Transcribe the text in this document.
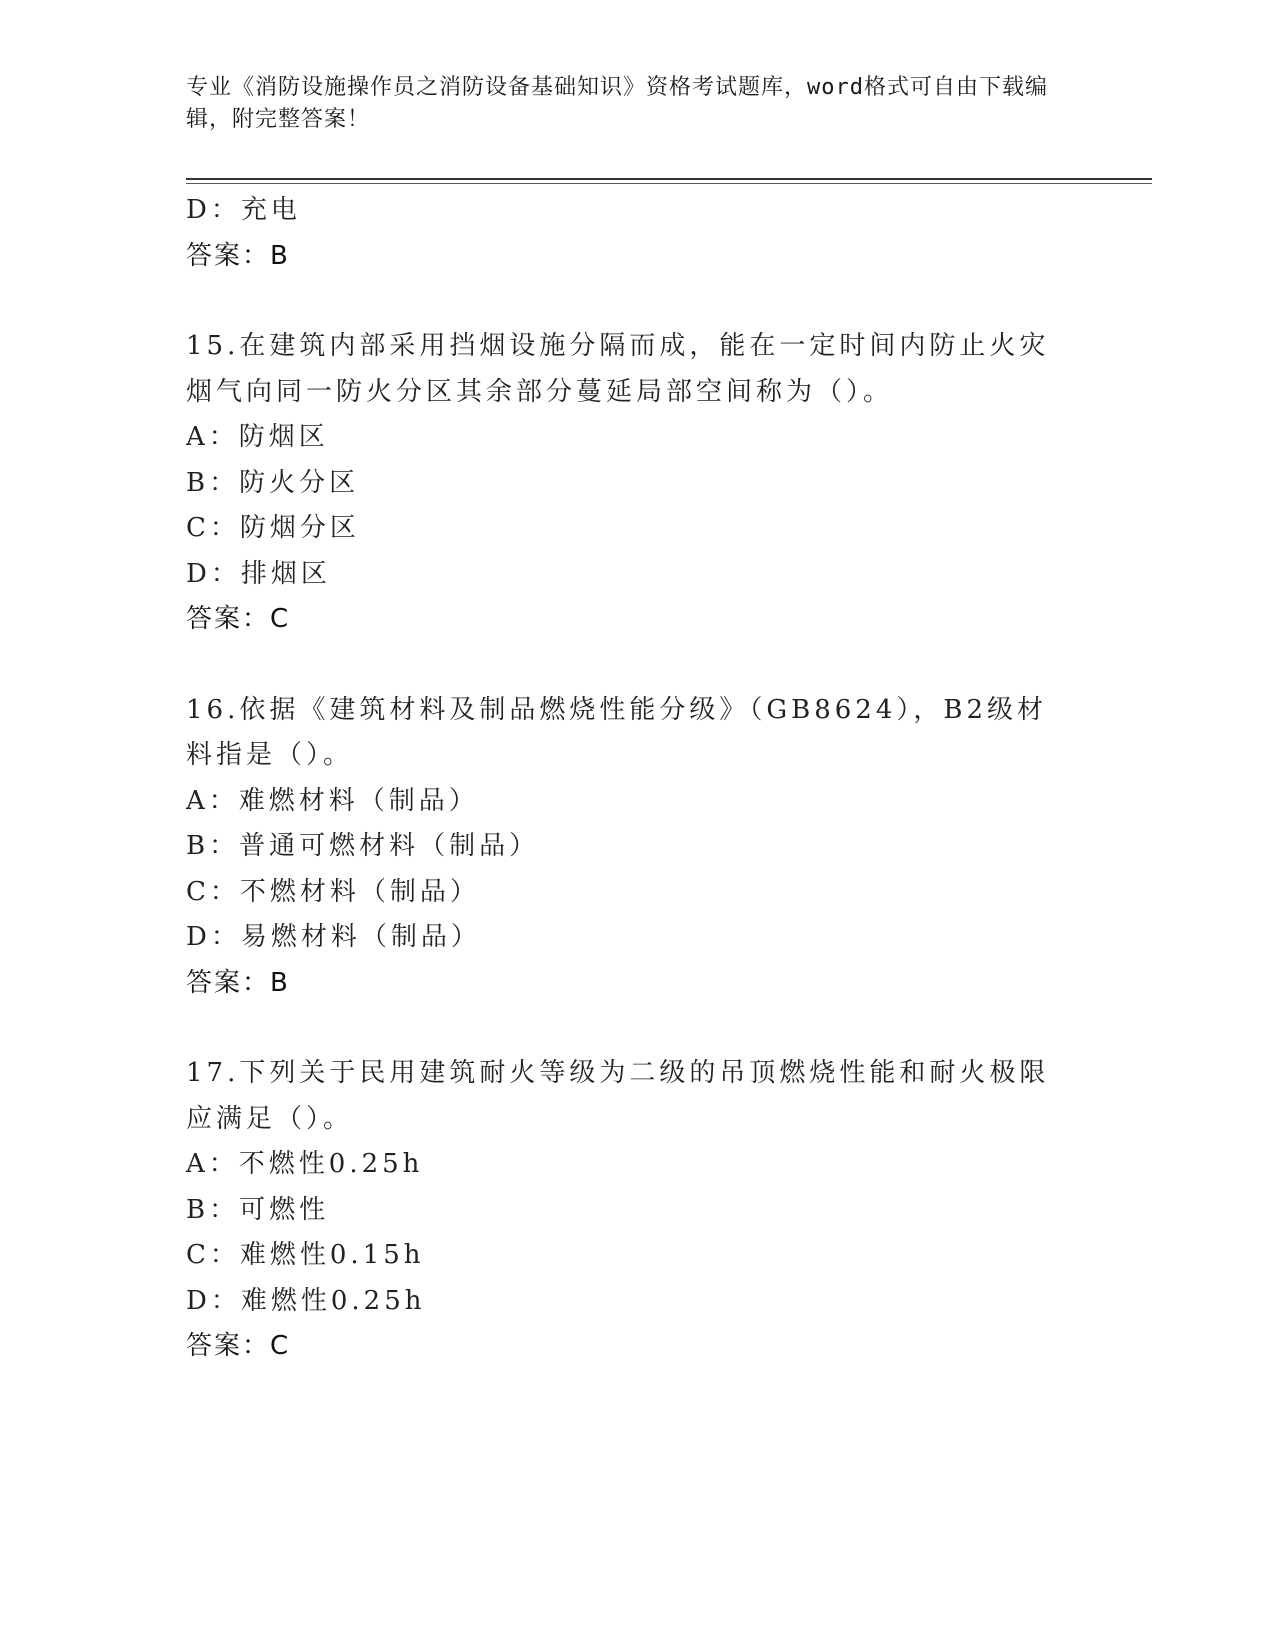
专业《消防设施操作员之消防设备基础知识》资格考试题库，word格式可自由下载编辑，附完整答案！
D：充电
答案：B
15.在建筑内部采用挡烟设施分隔而成，能在一定时间内防止火灾烟气向同一防火分区其余部分蔓延局部空间称为（）。
A：防烟区
B：防火分区
C：防烟分区
D：排烟区
答案：C
16.依据《建筑材料及制品燃烧性能分级》（GB8624），B2级材料指是（）。
A：难燃材料（制品）
B：普通可燃材料（制品）
C：不燃材料（制品）
D：易燃材料（制品）
答案：B
17.下列关于民用建筑耐火等级为二级的吊顶燃烧性能和耐火极限应满足（）。
A：不燃性0.25h
B：可燃性
C：难燃性0.15h
D：难燃性0.25h
答案：C
